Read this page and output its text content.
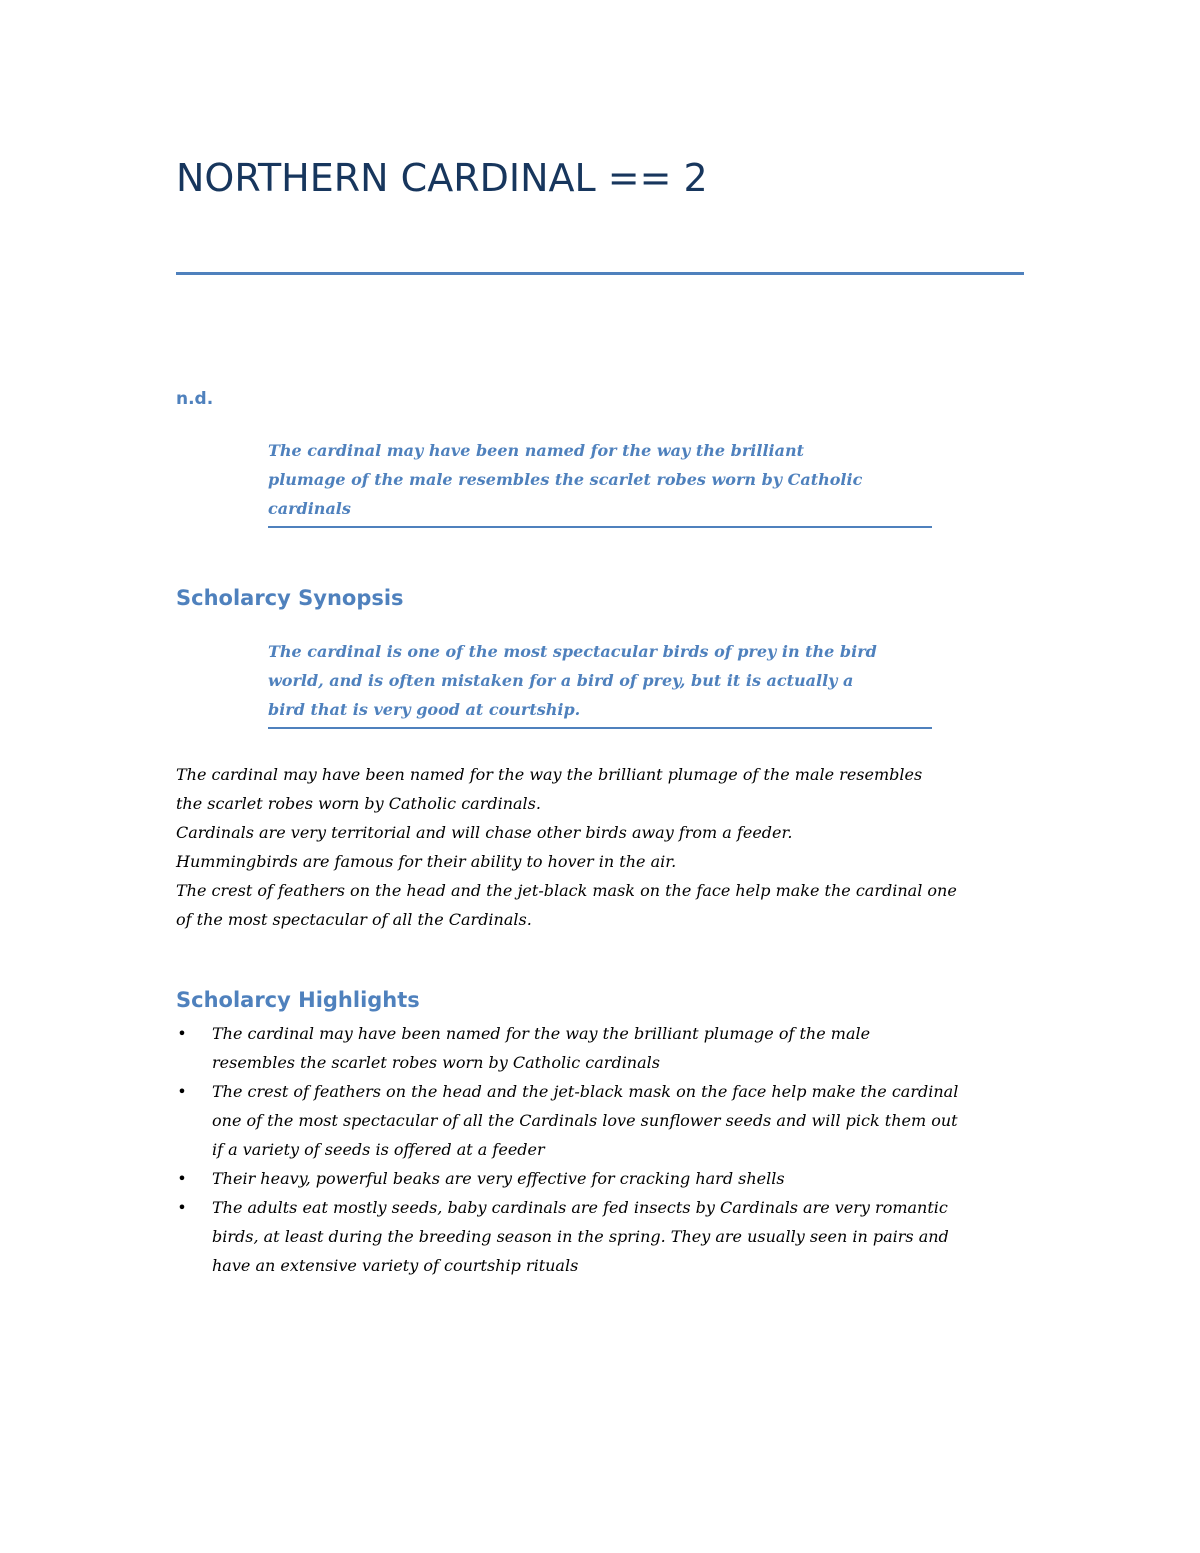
NORTHERN CARDINAL == 2

n.d.

The cardinal may have been named for the way the brilliant
plumage of the male resembles the scarlet robes worn by Catholic
cardinals
Scholarcy Synopsis
The cardinal is one of the most spectacular birds of prey in the bird
world, and is often mistaken for a bird of prey, but it is actually a
bird that is very good at courtship.
The cardinal may have been named for the way the brilliant plumage of the male resembles
the scarlet robes worn by Catholic cardinals.
Cardinals are very territorial and will chase other birds away from a feeder.
Hummingbirds are famous for their ability to hover in the air.
The crest of feathers on the head and the jet-black mask on the face help make the cardinal one
of the most spectacular of all the Cardinals.
Scholarcy Highlights
• The cardinal may have been named for the way the brilliant plumage of the male
resembles the scarlet robes worn by Catholic cardinals
• The crest of feathers on the head and the jet-black mask on the face help make the cardinal
one of the most spectacular of all the Cardinals love sunflower seeds and will pick them out
if a variety of seeds is offered at a feeder
• Their heavy, powerful beaks are very effective for cracking hard shells
• The adults eat mostly seeds, baby cardinals are fed insects by Cardinals are very romantic
birds, at least during the breeding season in the spring. They are usually seen in pairs and
have an extensive variety of courtship rituals
